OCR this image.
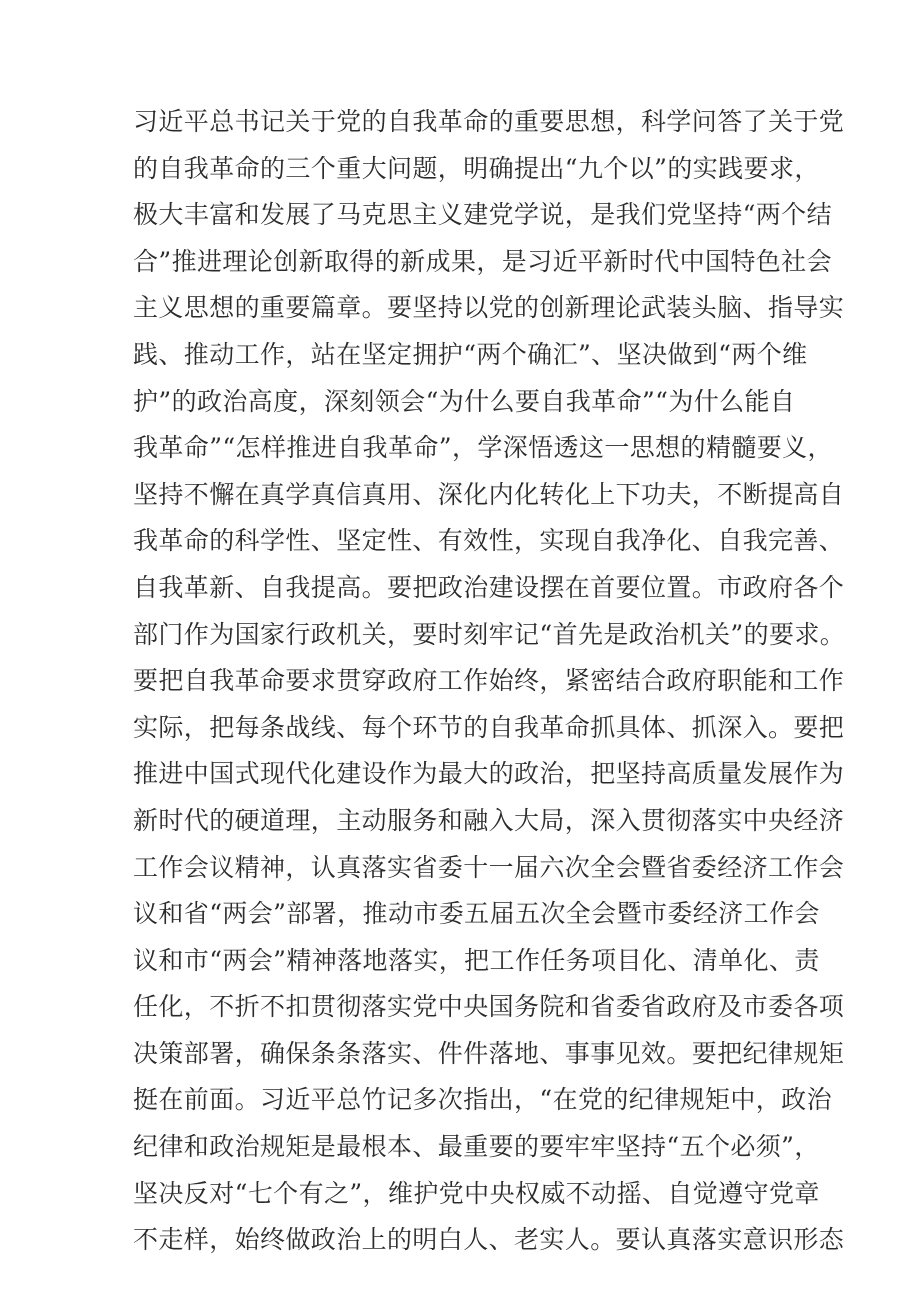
习近平总书记关于党的自我革命的重要思想，科学问答了关于党
的自我革命的三个重大问题，明确提出“九个以”的实践要求，
极大丰富和发展了马克思主义建党学说，是我们党坚持“两个结
合”推进理论创新取得的新成果，是习近平新时代中国特色社会
主义思想的重要篇章。要坚持以党的创新理论武装头脑、指导实
践、推动工作，站在坚定拥护“两个确汇”、坚决做到“两个维
护”的政治高度，深刻领会“为什么要自我革命”“为什么能自
我革命”“怎样推进自我革命”，学深悟透这一思想的精髓要义，
坚持不懈在真学真信真用、深化内化转化上下功夫，不断提高自
我革命的科学性、坚定性、有效性，实现自我净化、自我完善、
自我革新、自我提高。要把政治建设摆在首要位置。市政府各个
部门作为国家行政机关，要时刻牢记“首先是政治机关”的要求。
要把自我革命要求贯穿政府工作始终，紧密结合政府职能和工作
实际，把每条战线、每个环节的自我革命抓具体、抓深入。要把
推进中国式现代化建设作为最大的政治，把坚持高质量发展作为
新时代的硬道理，主动服务和融入大局，深入贯彻落实中央经济
工作会议精神，认真落实省委十一届六次全会暨省委经济工作会
议和省“两会”部署，推动市委五届五次全会暨市委经济工作会
议和市“两会”精神落地落实，把工作任务项目化、清单化、责
任化，不折不扣贯彻落实党中央国务院和省委省政府及市委各项
决策部署，确保条条落实、件件落地、事事见效。要把纪律规矩
挺在前面。习近平总竹记多次指出，“在党的纪律规矩中，政治
纪律和政治规矩是最根本、最重要的要牢牢坚持“五个必须”，
坚决反对“七个有之”，维护党中央权威不动摇、自觉遵守党章
不走样，始终做政治上的明白人、老实人。要认真落实意识形态
